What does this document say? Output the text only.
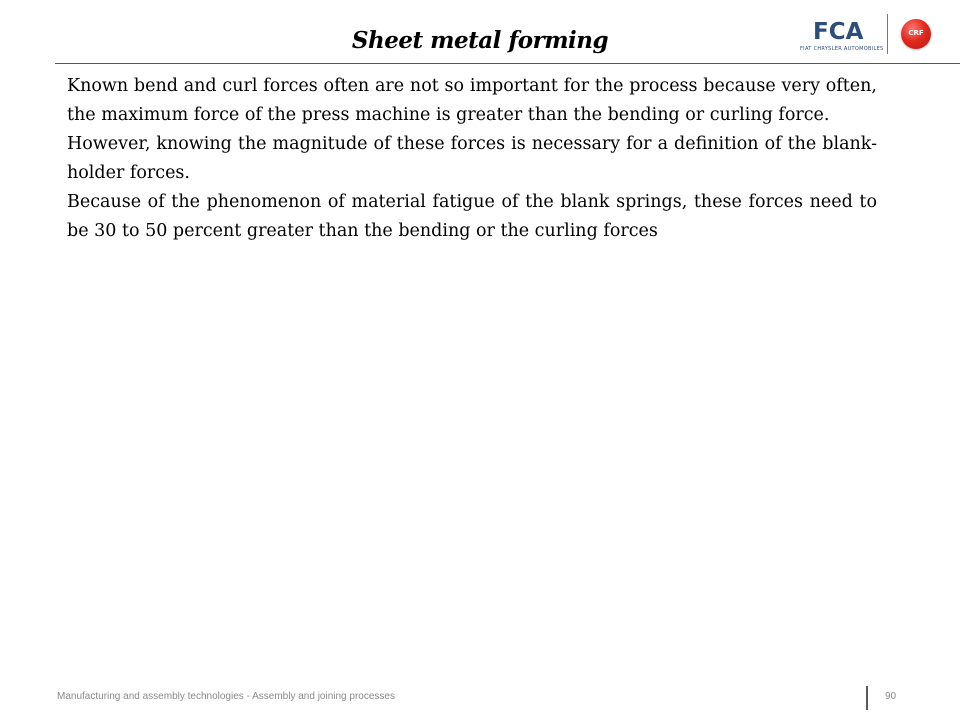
Sheet metal forming	FCA
FIAT CHRYSLER AUTOMOBILES
CRF

Known bend and curl forces often are not so important for the process because very often, the maximum force of the press machine is greater than the bending or curling force.

However, knowing the magnitude of these forces is necessary for a definition of the blank-holder forces.

Because of the phenomenon of material fatigue of the blank springs, these forces need to be 30 to 50 percent greater than the bending or the curling forces

Manufacturing and assembly technologies - Assembly and joining processes	90
